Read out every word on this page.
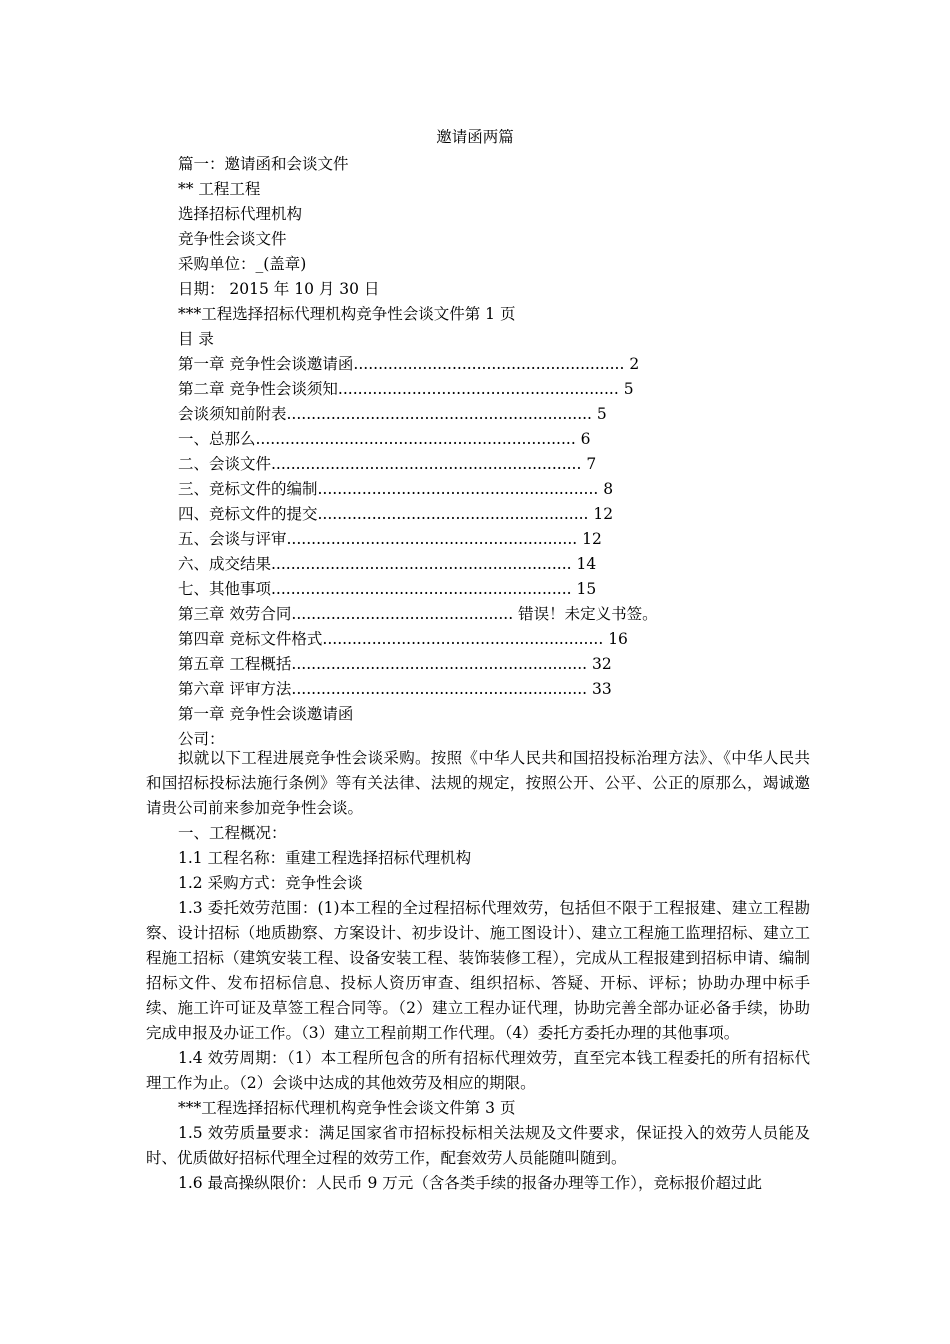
邀请函两篇
篇一：邀请函和会谈文件
** 工程工程
选择招标代理机构
竞争性会谈文件
采购单位：_(盖章)
日期： 2015 年 10 月 30 日
***工程选择招标代理机构竞争性会谈文件第 1 页
目 录
第一章 竞争性会谈邀请函....................................................... 2
第二章 竞争性会谈须知......................................................... 5
会谈须知前附表.............................................................. 5
一、总那么................................................................. 6
二、会谈文件............................................................... 7
三、竞标文件的编制......................................................... 8
四、竞标文件的提交....................................................... 12
五、会谈与评审........................................................... 12
六、成交结果............................................................. 14
七、其他事项............................................................. 15
第三章 效劳合同............................................. 错误！未定义书签。
第四章 竞标文件格式......................................................... 16
第五章 工程概括............................................................ 32
第六章 评审方法............................................................ 33
第一章 竞争性会谈邀请函
公司：

拟就以下工程进展竞争性会谈采购。按照《中华人民共和国招投标治理方法》、《中华人民共和国招标投标法施行条例》等有关法律、法规的规定，按照公开、公平、公正的原那么，竭诚邀请贵公司前来参加竞争性会谈。

一、工程概况：

1.1 工程名称：重建工程选择招标代理机构

1.2 采购方式：竞争性会谈

1.3 委托效劳范围：(1)本工程的全过程招标代理效劳，包括但不限于工程报建、建立工程勘察、设计招标（地质勘察、方案设计、初步设计、施工图设计）、建立工程施工监理招标、建立工程施工招标（建筑安装工程、设备安装工程、装饰装修工程），完成从工程报建到招标申请、编制招标文件、发布招标信息、投标人资历审查、组织招标、答疑、开标、评标；协助办理中标手续、施工许可证及草签工程合同等。（2）建立工程办证代理，协助完善全部办证必备手续，协助完成申报及办证工作。（3）建立工程前期工作代理。（4）委托方委托办理的其他事项。

1.4 效劳周期：（1）本工程所包含的所有招标代理效劳，直至完本钱工程委托的所有招标代理工作为止。（2）会谈中达成的其他效劳及相应的期限。

***工程选择招标代理机构竞争性会谈文件第 3 页

1.5 效劳质量要求：满足国家省市招标投标相关法规及文件要求，保证投入的效劳人员能及时、优质做好招标代理全过程的效劳工作，配套效劳人员能随叫随到。

1.6 最高操纵限价：人民币 9 万元（含各类手续的报备办理等工作），竞标报价超过此
